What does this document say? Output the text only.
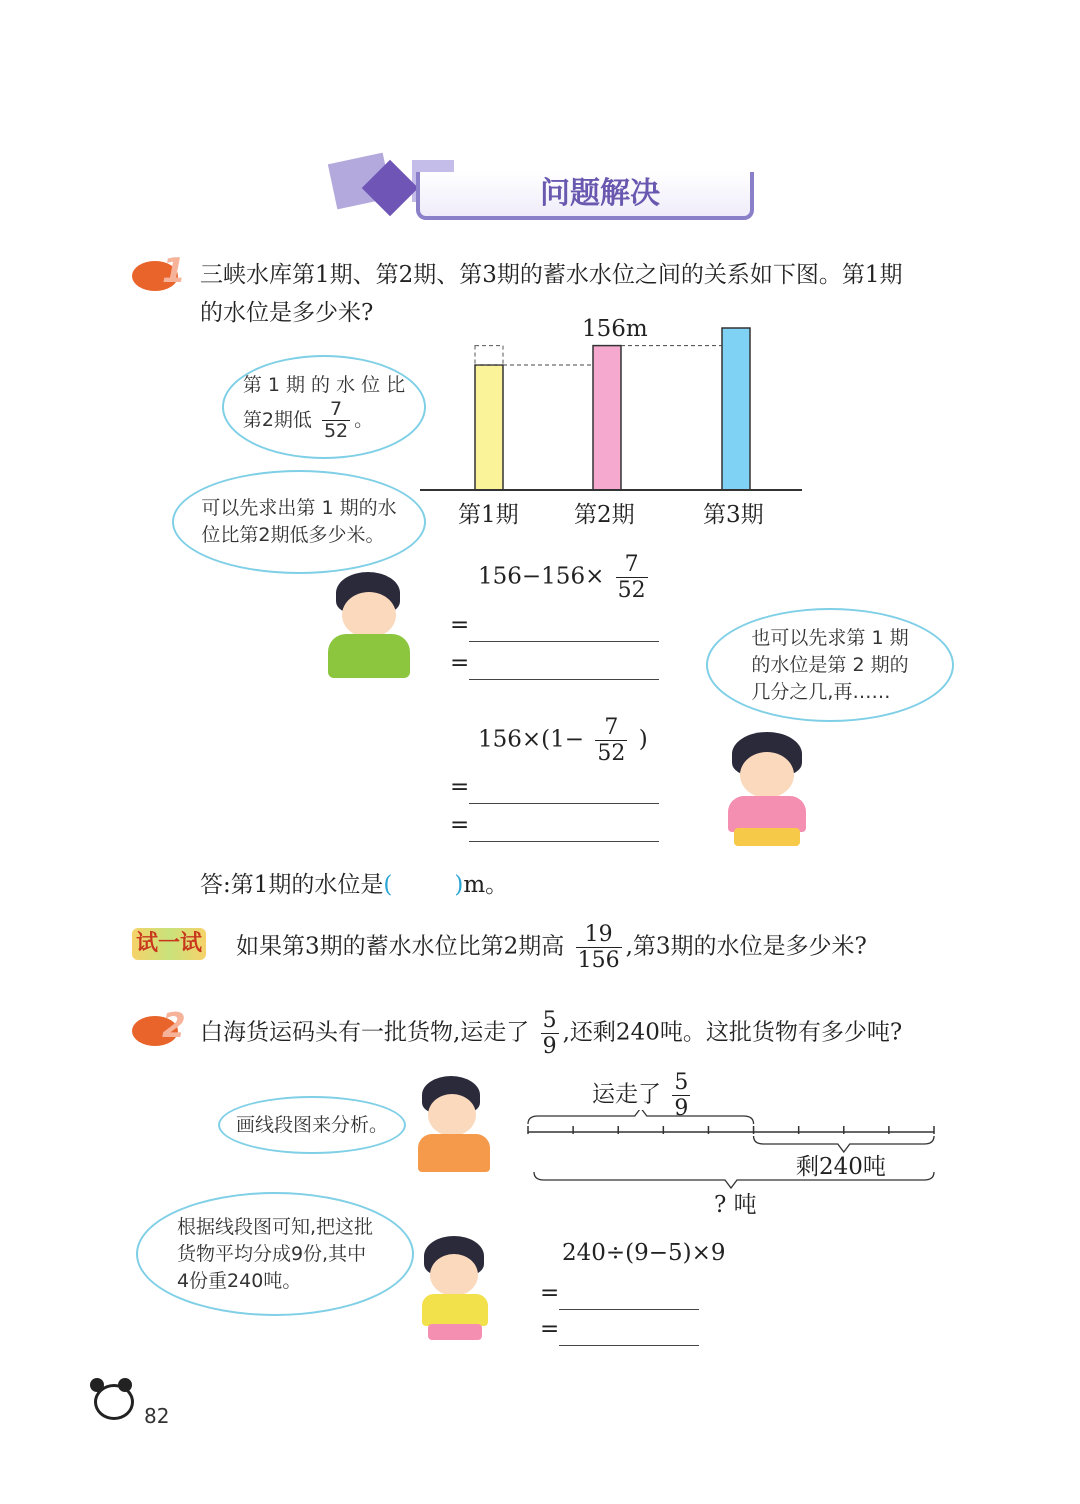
问题解决
1 三峡水库第1期、第2期、第3期的蓄水水位之间的关系如下图。第1期
的水位是多少米?
156m
第1期 第2期	第3期
第 1 期 的 水 位 比
第2期低 $\frac{7}{52}$ 。
可以先求出第 1 期的水
位比第2期低多少米。
$156-156\times \frac{7}{52}$
=
=
也可以先求第 1 期
的水位是第 2 期的
几分之几,再……
$156\times(1- \frac{7}{52}$ )
=
=
答:第1期的水位是(	)m。
试一试 如果第3期的蓄水水位比第2期高 $\frac{19}{156}$ ,第3期的水位是多少米?
2 白海货运码头有一批货物,运走了 $\frac{5}{9}$ ,还剩240吨。这批货物有多少吨?
画线段图来分析。
运走了 $\frac{5}{9}$
剩240吨
? 吨
根据线段图可知,把这批
货物平均分成9份,其中
4份重240吨。
240÷(9−5)×9
=
=
82
